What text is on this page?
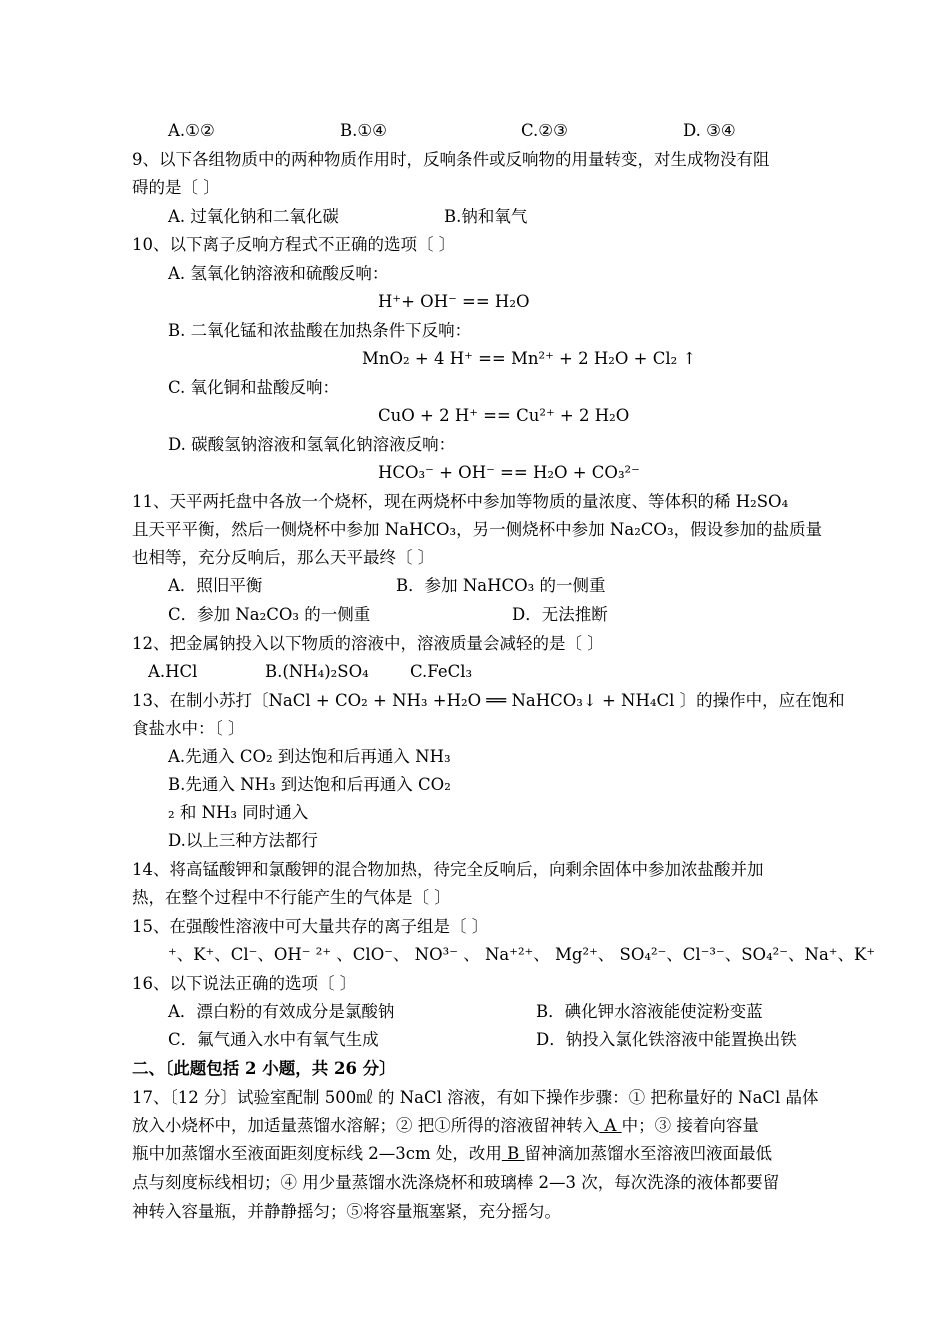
A.①②	B.①④	C.②③	D. ③④
9、以下各组物质中的两种物质作用时，反响条件或反响物的用量转变，对生成物没有阻
碍的是〔 〕
A. 过氧化钠和二氧化碳	B.钠和氧气
10、以下离子反响方程式不正确的选项〔 〕
A. 氢氧化钠溶液和硫酸反响：
H⁺+ OH⁻ == H₂O
B. 二氧化锰和浓盐酸在加热条件下反响：
MnO₂ + 4 H⁺ == Mn²⁺ + 2 H₂O + Cl₂ ↑
C. 氧化铜和盐酸反响：
CuO + 2 H⁺ == Cu²⁺ + 2 H₂O
D. 碳酸氢钠溶液和氢氧化钠溶液反响：
HCO₃⁻ + OH⁻ == H₂O + CO₃²⁻
11、天平两托盘中各放一个烧杯，现在两烧杯中参加等物质的量浓度、等体积的稀 H₂SO₄
且天平平衡，然后一侧烧杯中参加 NaHCO₃，另一侧烧杯中参加 Na₂CO₃，假设参加的盐质量
也相等，充分反响后，那么天平最终〔 〕
A．照旧平衡	B．参加 NaHCO₃ 的一侧重
C．参加 Na₂CO₃ 的一侧重	D．无法推断
12、把金属钠投入以下物质的溶液中，溶液质量会减轻的是〔 〕
A.HCl	B.(NH₄)₂SO₄	C.FeCl₃
13、在制小苏打〔NaCl + CO₂ + NH₃ +H₂O ══ NaHCO₃↓ + NH₄Cl 〕的操作中，应在饱和
食盐水中：〔 〕
A.先通入 CO₂ 到达饱和后再通入 NH₃
B.先通入 NH₃ 到达饱和后再通入 CO₂
₂ 和 NH₃ 同时通入
D.以上三种方法都行
14、将高锰酸钾和氯酸钾的混合物加热，待完全反响后，向剩余固体中参加浓盐酸并加
热，在整个过程中不行能产生的气体是〔 〕
15、在强酸性溶液中可大量共存的离子组是〔 〕
⁺、K⁺、Cl⁻、OH⁻ ²⁺ 、ClO⁻、 NO³⁻ 、 Na⁺²⁺、 Mg²⁺、 SO₄²⁻、Cl⁻³⁻、SO₄²⁻、Na⁺、K⁺
16、以下说法正确的选项〔 〕
A．漂白粉的有效成分是氯酸钠	B．碘化钾水溶液能使淀粉变蓝
C．氟气通入水中有氧气生成	D．钠投入氯化铁溶液中能置换出铁
二、〔此题包括 2 小题，共 26 分〕
17、〔12 分〕试验室配制 500㎖ 的 NaCl 溶液，有如下操作步骤：① 把称量好的 NaCl 晶体
放入小烧杯中，加适量蒸馏水溶解；② 把①所得的溶液留神转入 A 中；③ 接着向容量
瓶中加蒸馏水至液面距刻度标线 2—3cm 处，改用 B 留神滴加蒸馏水至溶液凹液面最低
点与刻度标线相切；④ 用少量蒸馏水洗涤烧杯和玻璃棒 2—3 次，每次洗涤的液体都要留
神转入容量瓶，并静静摇匀；⑤将容量瓶塞紧，充分摇匀。
